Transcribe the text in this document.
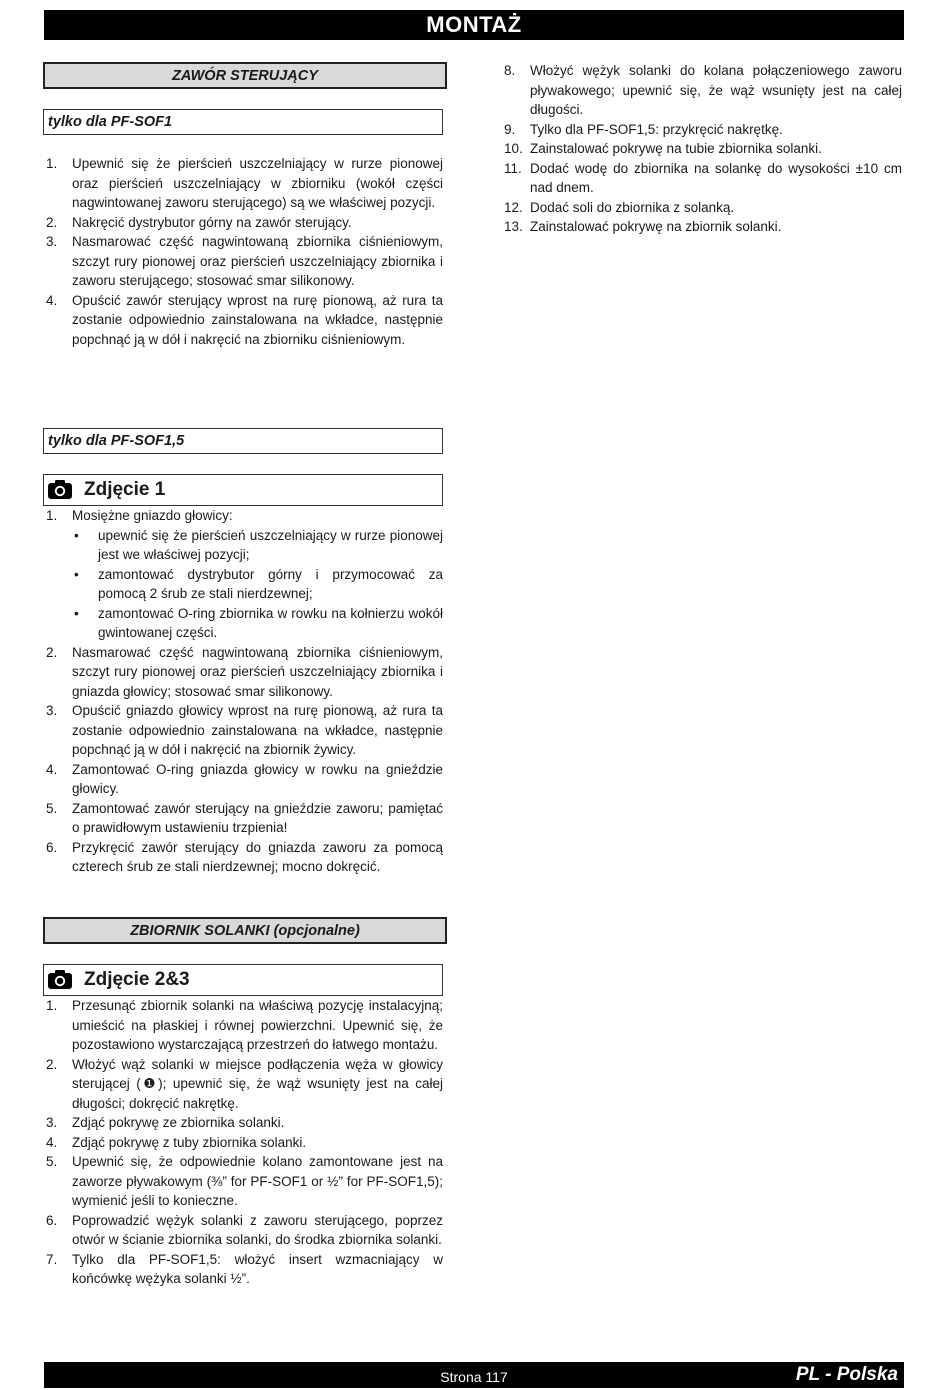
MONTAŻ
ZAWÓR STERUJĄCY
tylko dla PF-SOF1
1. Upewnić się że pierścień uszczelniający w rurze pionowej oraz pierścień uszczelniający w zbiorniku (wokół części nagwintowanej zaworu sterującego) są we właściwej pozycji.
2. Nakręcić dystrybutor górny na zawór sterujący.
3. Nasmarować część nagwintowaną zbiornika ciśnieniowym, szczyt rury pionowej oraz pierścień uszczelniający zbiornika i zaworu sterującego; stosować smar silikonowy.
4. Opuścić zawór sterujący wprost na rurę pionową, aż rura ta zostanie odpowiednio zainstalowana na wkładce, następnie popchnąć ją w dół i nakręcić na zbiorniku ciśnieniowym.
tylko dla PF-SOF1,5
Zdjęcie 1
1. Mosiężne gniazdo głowicy:
• upewnić się że pierścień uszczelniający w rurze pionowej jest we właściwej pozycji;
• zamontować dystrybutor górny i przymocować za pomocą 2 śrub ze stali nierdzewnej;
• zamontować O-ring zbiornika w rowku na kołnierzu wokół gwintowanej części.
2. Nasmarować część nagwintowaną zbiornika ciśnieniowym, szczyt rury pionowej oraz pierścień uszczelniający zbiornika i gniazda głowicy; stosować smar silikonowy.
3. Opuścić gniazdo głowicy wprost na rurę pionową, aż rura ta zostanie odpowiednio zainstalowana na wkładce, następnie popchnąć ją w dół i nakręcić na zbiornik żywicy.
4. Zamontować O-ring gniazda głowicy w rowku na gnieździe głowicy.
5. Zamontować zawór sterujący na gnieździe zaworu; pamiętać o prawidłowym ustawieniu trzpienia!
6. Przykręcić zawór sterujący do gniazda zaworu za pomocą czterech śrub ze stali nierdzewnej; mocno dokręcić.
ZBIORNIK SOLANKI (opcjonalne)
Zdjęcie 2&3
1. Przesunąć zbiornik solanki na właściwą pozycję instalacyjną; umieścić na płaskiej i równej powierzchni. Upewnić się, że pozostawiono wystarczającą przestrzeń do łatwego montażu.
2. Włożyć wąż solanki w miejsce podłączenia węża w głowicy sterującej (❶); upewnić się, że wąż wsunięty jest na całej długości; dokręcić nakrętkę.
3. Zdjąć pokrywę ze zbiornika solanki.
4. Zdjąć pokrywę z tuby zbiornika solanki.
5. Upewnić się, że odpowiednie kolano zamontowane jest na zaworze pływakowym (⅜” for PF-SOF1 or ½” for PF-SOF1,5); wymienić jeśli to konieczne.
6. Poprowadzić wężyk solanki z zaworu sterującego, poprzez otwór w ścianie zbiornika solanki, do środka zbiornika solanki.
7. Tylko dla PF-SOF1,5: włożyć insert wzmacniający w końcówkę wężyka solanki ½”.
8. Włożyć wężyk solanki do kolana połączeniowego zaworu pływakowego; upewnić się, że wąż wsunięty jest na całej długości.
9. Tylko dla PF-SOF1,5: przykręcić nakrętkę.
10. Zainstalować pokrywę na tubie zbiornika solanki.
11. Dodać wodę do zbiornika na solankę do wysokości ±10 cm nad dnem.
12. Dodać soli do zbiornika z solanką.
13. Zainstalować pokrywę na zbiornik solanki.
Strona 117	PL - Polska
